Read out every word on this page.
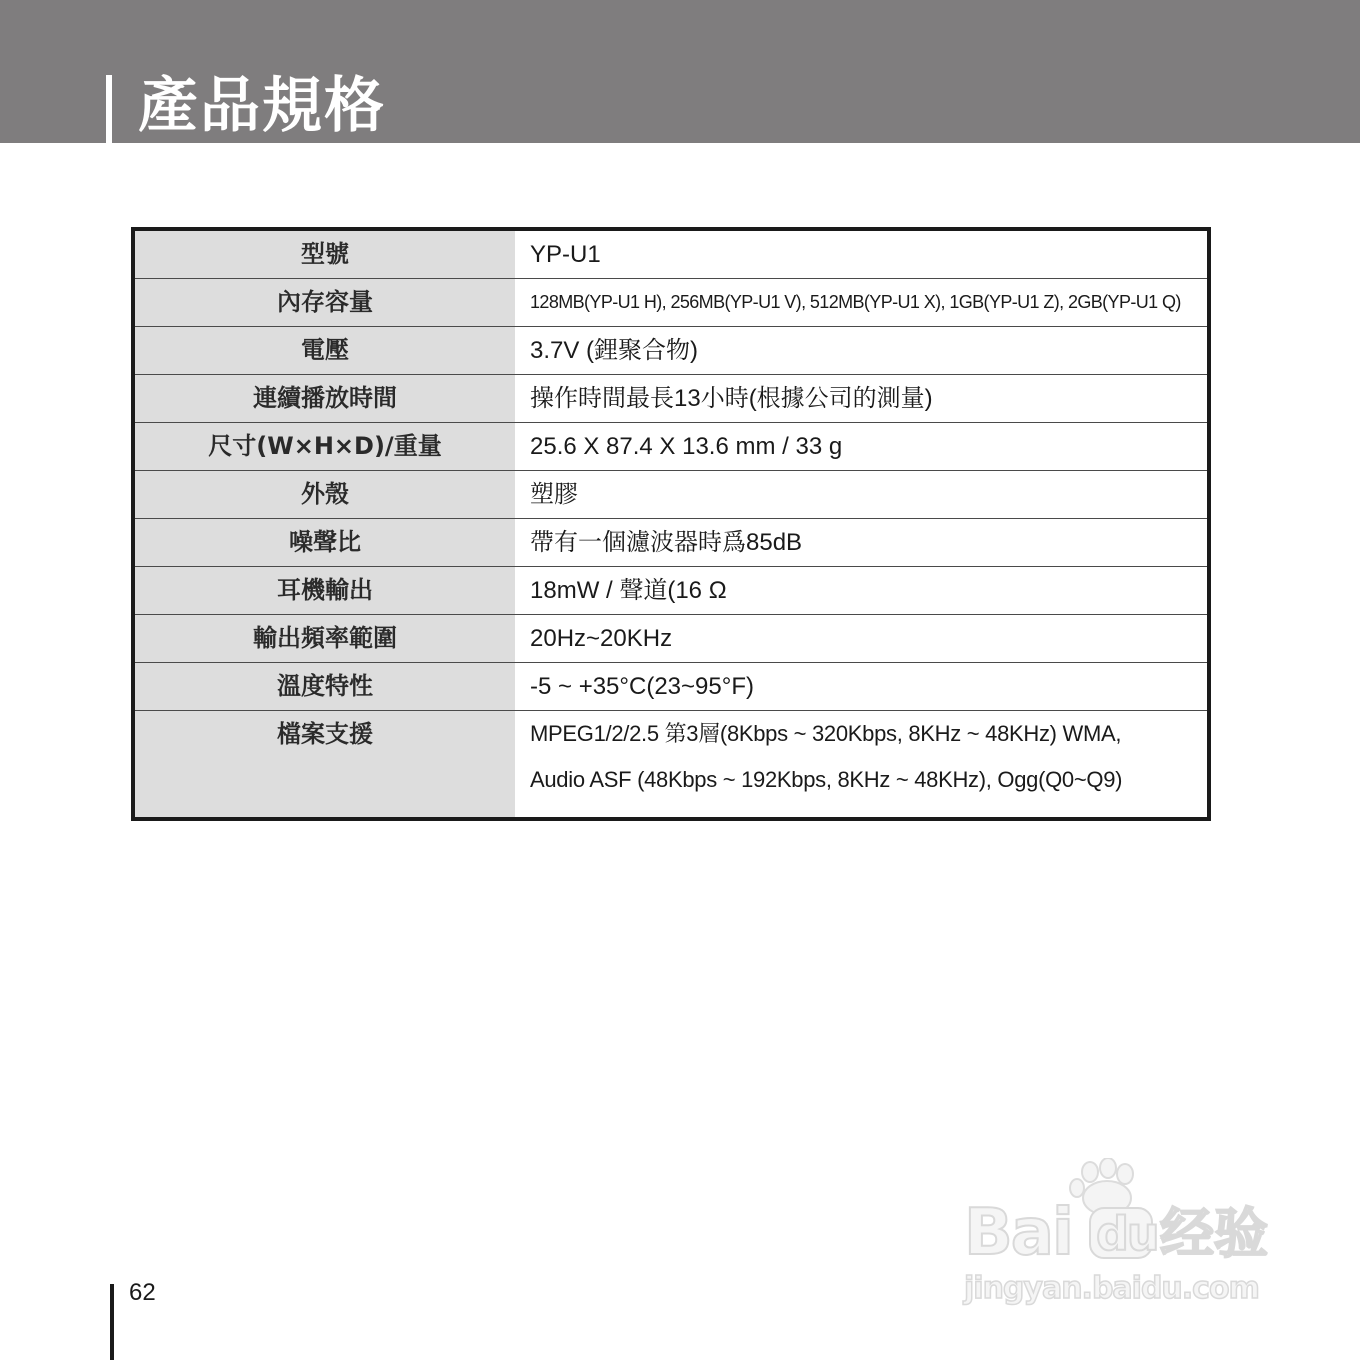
產品規格
型號	YP-U1
內存容量	128MB(YP-U1 H), 256MB(YP-U1 V), 512MB(YP-U1 X), 1GB(YP-U1 Z), 2GB(YP-U1 Q)
電壓	3.7V (鋰聚合物)
連續播放時間	操作時間最長13小時(根據公司的測量)
尺寸(W×H×D)/重量	25.6 X 87.4 X 13.6 mm / 33 g
外殼	塑膠
噪聲比	帶有一個濾波器時爲85dB
耳機輸出	18mW / 聲道(16 Ω
輸出頻率範圍	20Hz~20KHz
溫度特性	-5 ~ +35°C(23~95°F)
檔案支援	MPEG1/2/2.5 第3層(8Kbps ~ 320Kbps, 8KHz ~ 48KHz) WMA,
Audio ASF (48Kbps ~ 192Kbps, 8KHz ~ 48KHz), Ogg(Q0~Q9)
62
Bai du 经验
jingyan.baidu.com
